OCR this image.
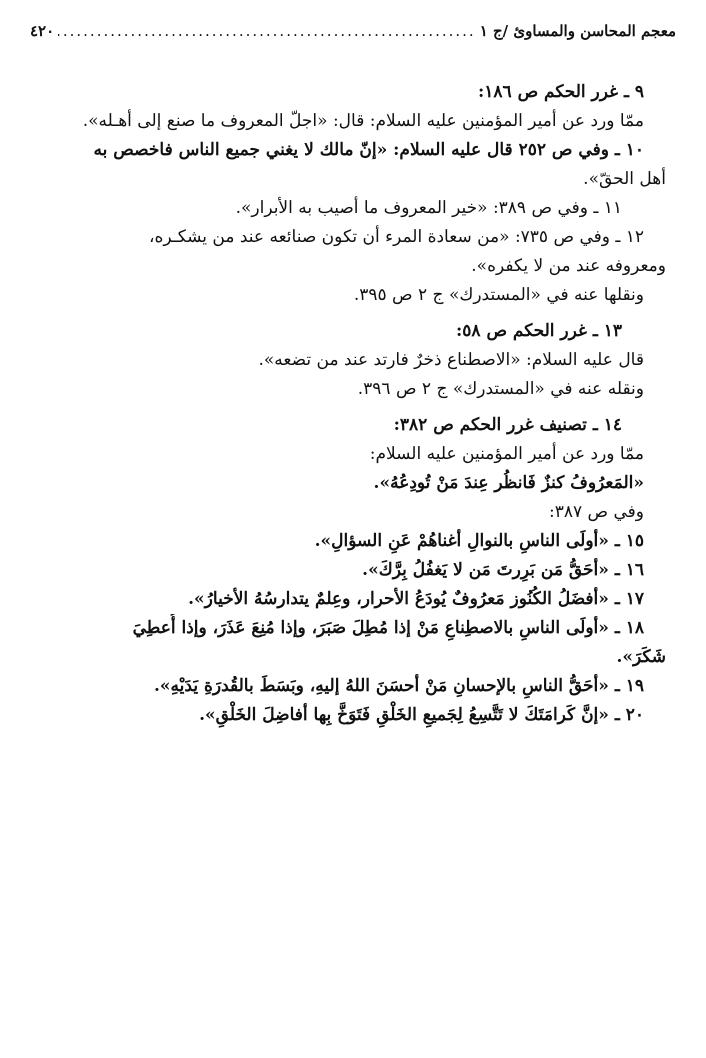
معجم المحاسن والمساوئ /ج ١
.....
٤٢٠
٩ ـ غرر الحكم ص ١٨٦:
ممّا ورد عن أمير المؤمنين عليه السلام: قال: «اجلّ المعروف ما صنع إلى أهـله».
١٠ ـ وفي ص ٢٥٢ قال عليه السلام: «إنّ مالك لا يغني جميع الناس فاخصص به
أهل الحقّ».
١١ ـ وفي ص ٣٨٩: «خير المعروف ما أصيب به الأبرار».
١٢ ـ وفي ص ٧٣٥: «من سعادة المرء أن تكون صنائعه عند من يشكـره،
ومعروفه عند من لا يكفره».
ونقلها عنه في «المستدرك» ج ٢ ص ٣٩٥.
١٣ ـ غرر الحكم ص ٥٨:
قال عليه السلام: «الاصطناع ذخرٌ فارتد عند من تضعه».
ونقله عنه في «المستدرك» ج ٢ ص ٣٩٦.
١٤ ـ تصنيف غرر الحكم ص ٣٨٢:
ممّا ورد عن أمير المؤمنين عليه السلام:
«المَعرُوفُ كنزٌ فَانظُر عِندَ مَنْ تُودِعُهُ».
وفي ص ٣٨٧:
١٥ ـ «أولَى الناسِ بالنوالِ أغناهُمْ عَنِ السؤالِ».
١٦ ـ «أحَقُّ مَن بَرِرتَ مَن لا يَغفُلُ بِرَّكَ».
١٧ ـ «أفضَلُ الكُنُوز مَعرُوفٌ يُودَعُ الأحرار، وعِلمٌ يتدارسُهُ الأخيارُ».
١٨ ـ «أولَى الناسِ بالاصطِناعِ مَنْ إذا مُطِلَ صَبَرَ، وإذا مُنِعَ عَذَرَ، وإذا أُعطِيَ
شَكَرَ».
١٩ ـ «أحَقُّ الناسِ بالإحسانِ مَنْ أحسَنَ اللهُ إليهِ، وبَسَطَ بالقُدرَةِ يَدَيْهِ».
٢٠ ـ «إنَّ كَرامَتَكَ لا تَتَّسِعُ لِجَميعِ الخَلْقِ فَتَوَخَّ بِها أفاضِلَ الخَلْقِ».
